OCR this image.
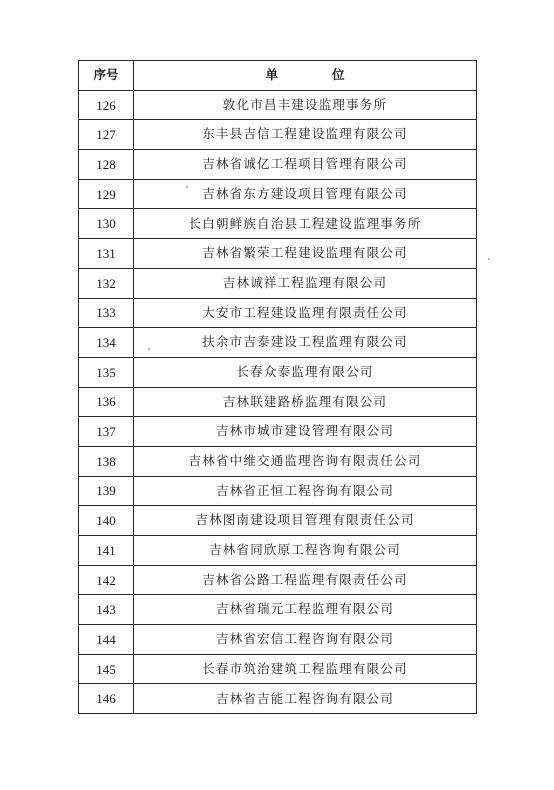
序号	单 位
126	敦化市昌丰建设监理事务所
127	东丰县吉信工程建设监理有限公司
128	吉林省诚亿工程项目管理有限公司
129	吉林省东方建设项目管理有限公司
130	长白朝鲜族自治县工程建设监理事务所
131	吉林省繁荣工程建设监理有限公司
132	吉林诚祥工程监理有限公司
133	大安市工程建设监理有限责任公司
134	扶余市吉泰建设工程监理有限公司
135	长春众泰监理有限公司
136	吉林联建路桥监理有限公司
137	吉林市城市建设管理有限公司
138	吉林省中维交通监理咨询有限责任公司
139	吉林省正恒工程咨询有限公司
140	吉林图南建设项目管理有限责任公司
141	吉林省同欣原工程咨询有限公司
142	吉林省公路工程监理有限责任公司
143	吉林省瑞元工程监理有限公司
144	吉林省宏信工程咨询有限公司
145	长春市筑治建筑工程监理有限公司
146	吉林省吉能工程咨询有限公司
